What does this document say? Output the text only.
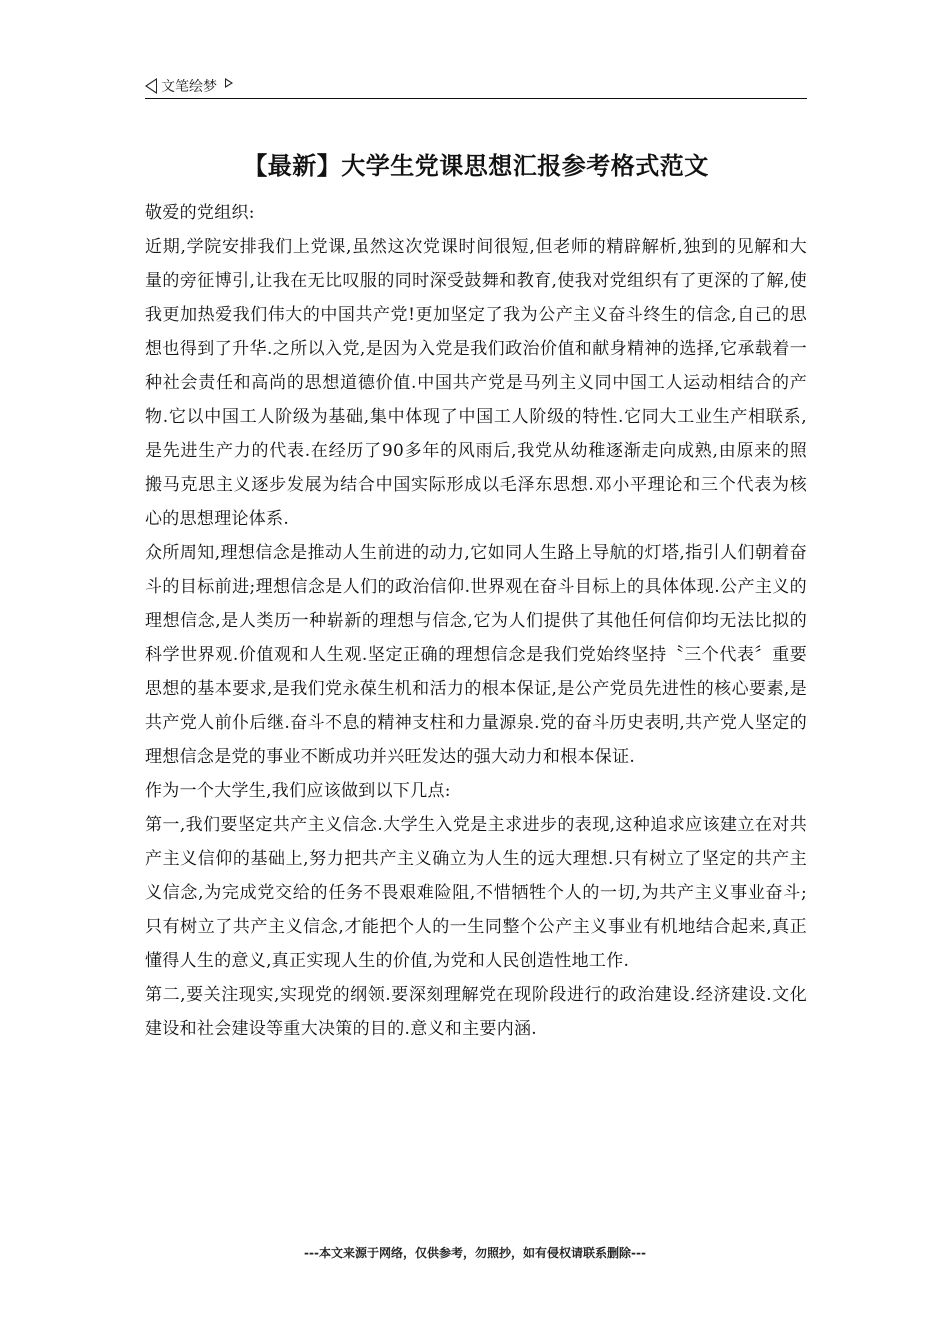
文笔绘梦
【最新】大学生党课思想汇报参考格式范文

敬爱的党组织:

近期,学院安排我们上党课,虽然这次党课时间很短,但老师的精辟解析,独到的见解和大量的旁征博引,让我在无比叹服的同时深受鼓舞和教育,使我对党组织有了更深的了解,使我更加热爱我们伟大的中国共产党!更加坚定了我为公产主义奋斗终生的信念,自己的思想也得到了升华.之所以入党,是因为入党是我们政治价值和献身精神的选择,它承载着一种社会责任和高尚的思想道德价值.中国共产党是马列主义同中国工人运动相结合的产物.它以中国工人阶级为基础,集中体现了中国工人阶级的特性.它同大工业生产相联系,是先进生产力的代表.在经历了90多年的风雨后,我党从幼稚逐渐走向成熟,由原来的照搬马克思主义逐步发展为结合中国实际形成以毛泽东思想.邓小平理论和三个代表为核心的思想理论体系.

众所周知,理想信念是推动人生前进的动力,它如同人生路上导航的灯塔,指引人们朝着奋斗的目标前进;理想信念是人们的政治信仰.世界观在奋斗目标上的具体体现.公产主义的理想信念,是人类历一种崭新的理想与信念,它为人们提供了其他任何信仰均无法比拟的科学世界观.价值观和人生观.坚定正确的理想信念是我们党始终坚持〝三个代表〞重要思想的基本要求,是我们党永葆生机和活力的根本保证,是公产党员先进性的核心要素,是共产党人前仆后继.奋斗不息的精神支柱和力量源泉.党的奋斗历史表明,共产党人坚定的理想信念是党的事业不断成功并兴旺发达的强大动力和根本保证.

作为一个大学生,我们应该做到以下几点:

第一,我们要坚定共产主义信念.大学生入党是主求进步的表现,这种追求应该建立在对共产主义信仰的基础上,努力把共产主义确立为人生的远大理想.只有树立了坚定的共产主义信念,为完成党交给的任务不畏艰难险阻,不惜牺牲个人的一切,为共产主义事业奋斗;只有树立了共产主义信念,才能把个人的一生同整个公产主义事业有机地结合起来,真正懂得人生的意义,真正实现人生的价值,为党和人民创造性地工作.

第二,要关注现实,实现党的纲领.要深刻理解党在现阶段进行的政治建设.经济建设.文化建设和社会建设等重大决策的目的.意义和主要内涵.

---本文来源于网络，仅供参考，勿照抄，如有侵权请联系删除---
